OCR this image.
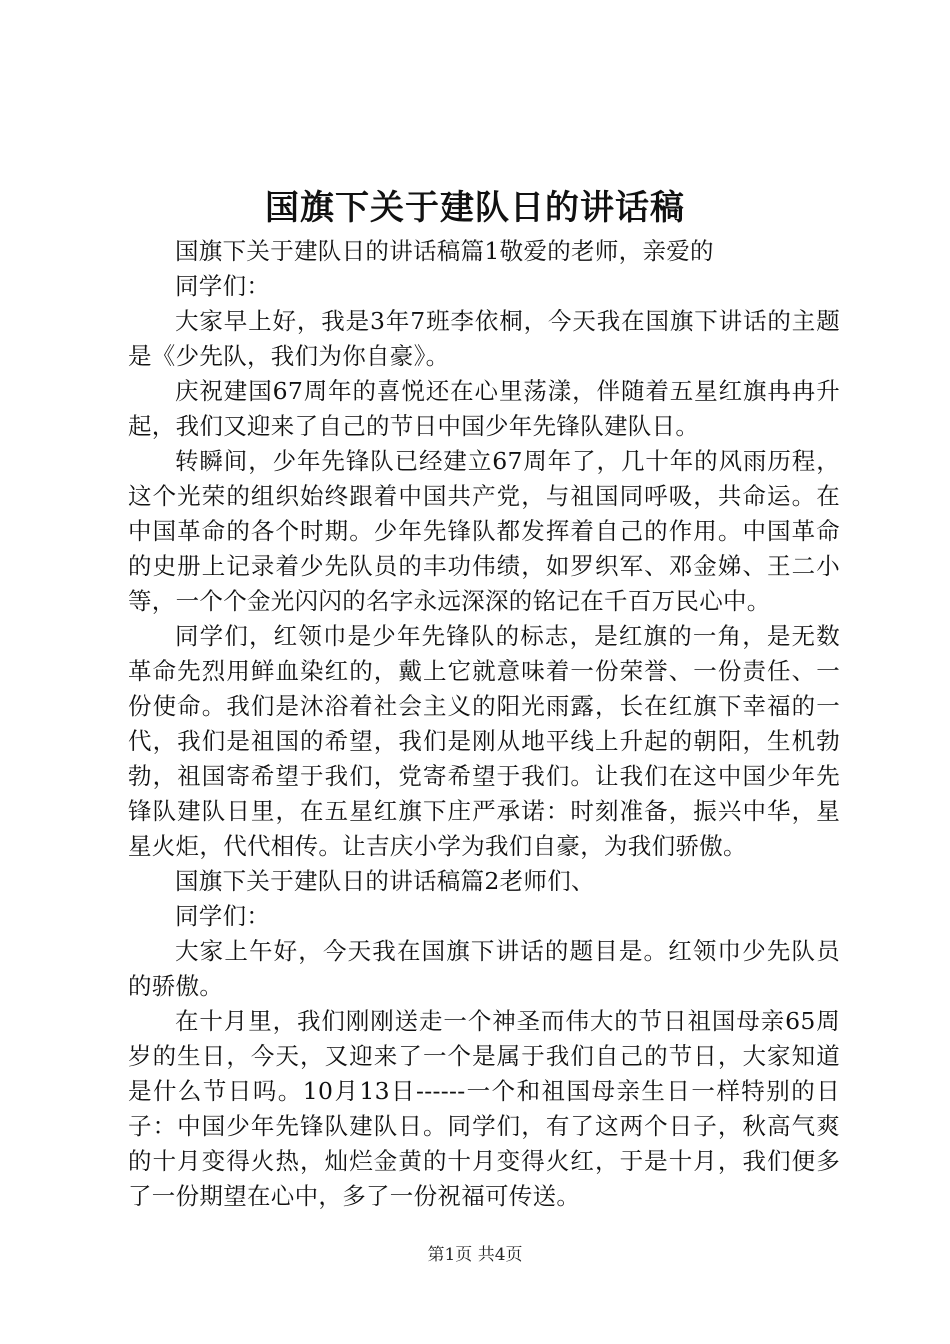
国旗下关于建队日的讲话稿

国旗下关于建队日的讲话稿篇1敬爱的老师，亲爱的

同学们：

大家早上好，我是3年7班李依桐，今天我在国旗下讲话的主题是《少先队，我们为你自豪》。

庆祝建国67周年的喜悦还在心里荡漾，伴随着五星红旗冉冉升起，我们又迎来了自己的节日中国少年先锋队建队日。

转瞬间，少年先锋队已经建立67周年了，几十年的风雨历程，这个光荣的组织始终跟着中国共产党，与祖国同呼吸，共命运。在中国革命的各个时期。少年先锋队都发挥着自己的作用。中国革命的史册上记录着少先队员的丰功伟绩，如罗织军、邓金娣、王二小等，一个个金光闪闪的名字永远深深的铭记在千百万民心中。

同学们，红领巾是少年先锋队的标志，是红旗的一角，是无数革命先烈用鲜血染红的，戴上它就意味着一份荣誉、一份责任、一份使命。我们是沐浴着社会主义的阳光雨露，长在红旗下幸福的一代，我们是祖国的希望，我们是刚从地平线上升起的朝阳，生机勃勃，祖国寄希望于我们，党寄希望于我们。让我们在这中国少年先锋队建队日里，在五星红旗下庄严承诺：时刻准备，振兴中华，星星火炬，代代相传。让吉庆小学为我们自豪，为我们骄傲。

国旗下关于建队日的讲话稿篇2老师们、

同学们：

大家上午好，今天我在国旗下讲话的题目是。红领巾少先队员的骄傲。

在十月里，我们刚刚送走一个神圣而伟大的节日祖国母亲65周岁的生日，今天，又迎来了一个是属于我们自己的节日，大家知道是什么节日吗。10月13日------一个和祖国母亲生日一样特别的日子：中国少年先锋队建队日。同学们，有了这两个日子，秋高气爽的十月变得火热，灿烂金黄的十月变得火红，于是十月，我们便多了一份期望在心中，多了一份祝福可传送。

第1页 共4页
